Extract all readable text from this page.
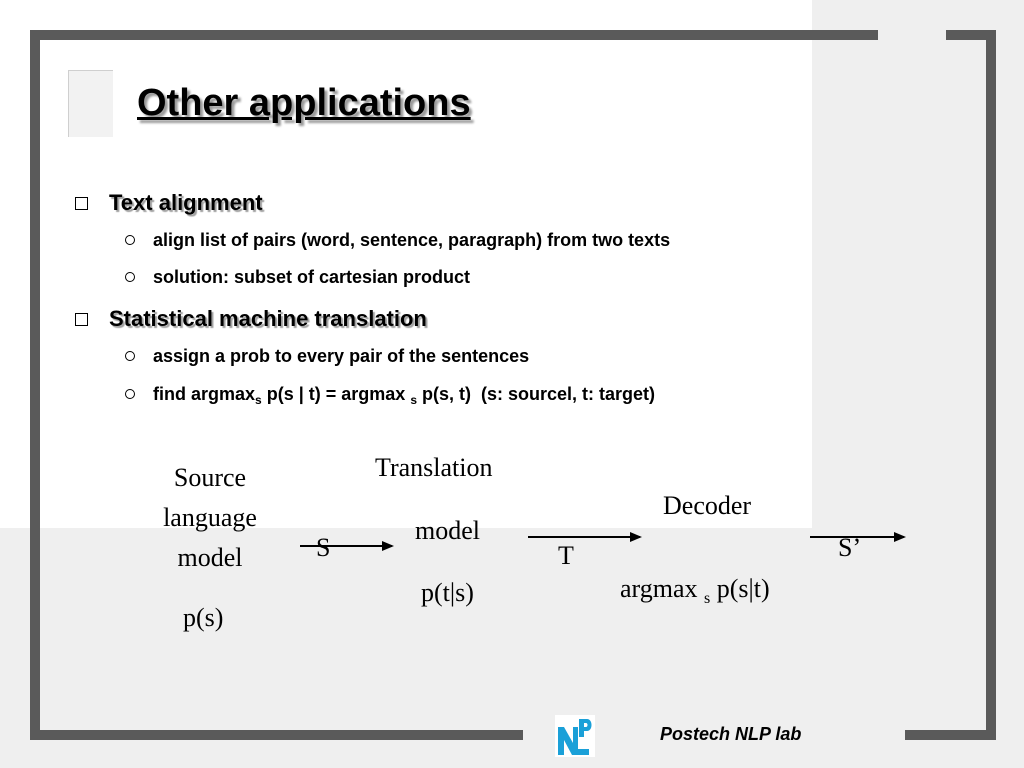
Other applications
Text alignment
align list of pairs (word, sentence, paragraph) from two texts
solution: subset of cartesian product
Statistical machine translation
assign a prob to every pair of the sentences
find argmax$_s$ p(s | t) = argmax $_s$ p(s, t)  (s: sourcel, t: target)
Source
language
model
p(s)
S
Translation
model
p(t|s)
T
Decoder
argmax $_s$ p(s|t)
S’
Postech NLP lab
